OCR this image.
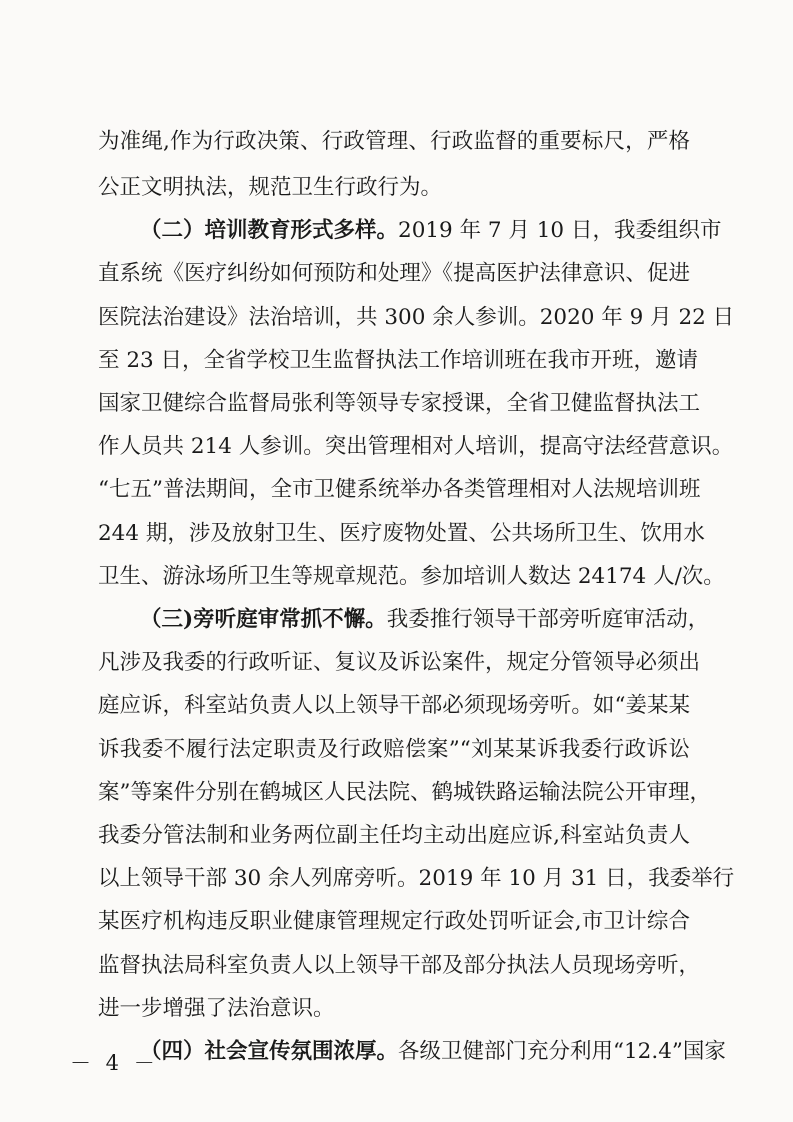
为准绳,作为行政决策、行政管理、行政监督的重要标尺，严格
公正文明执法，规范卫生行政行为。
（二）培训教育形式多样。2019 年 7 月 10 日，我委组织市
直系统《医疗纠纷如何预防和处理》《提高医护法律意识、促进
医院法治建设》法治培训，共 300 余人参训。2020 年 9 月 22 日
至 23 日，全省学校卫生监督执法工作培训班在我市开班，邀请
国家卫健综合监督局张利等领导专家授课，全省卫健监督执法工
作人员共 214 人参训。突出管理相对人培训，提高守法经营意识。
“七五”普法期间，全市卫健系统举办各类管理相对人法规培训班
244 期，涉及放射卫生、医疗废物处置、公共场所卫生、饮用水
卫生、游泳场所卫生等规章规范。参加培训人数达 24174 人/次。
（三)旁听庭审常抓不懈。我委推行领导干部旁听庭审活动，
凡涉及我委的行政听证、复议及诉讼案件，规定分管领导必须出
庭应诉，科室站负责人以上领导干部必须现场旁听。如“姜某某
诉我委不履行法定职责及行政赔偿案”“刘某某诉我委行政诉讼
案”等案件分别在鹤城区人民法院、鹤城铁路运输法院公开审理，
我委分管法制和业务两位副主任均主动出庭应诉,科室站负责人
以上领导干部 30 余人列席旁听。2019 年 10 月 31 日，我委举行
某医疗机构违反职业健康管理规定行政处罚听证会,市卫计综合
监督执法局科室负责人以上领导干部及部分执法人员现场旁听，
进一步增强了法治意识。
（四）社会宣传氛围浓厚。各级卫健部门充分利用“12.4”国家
－ 4 －
